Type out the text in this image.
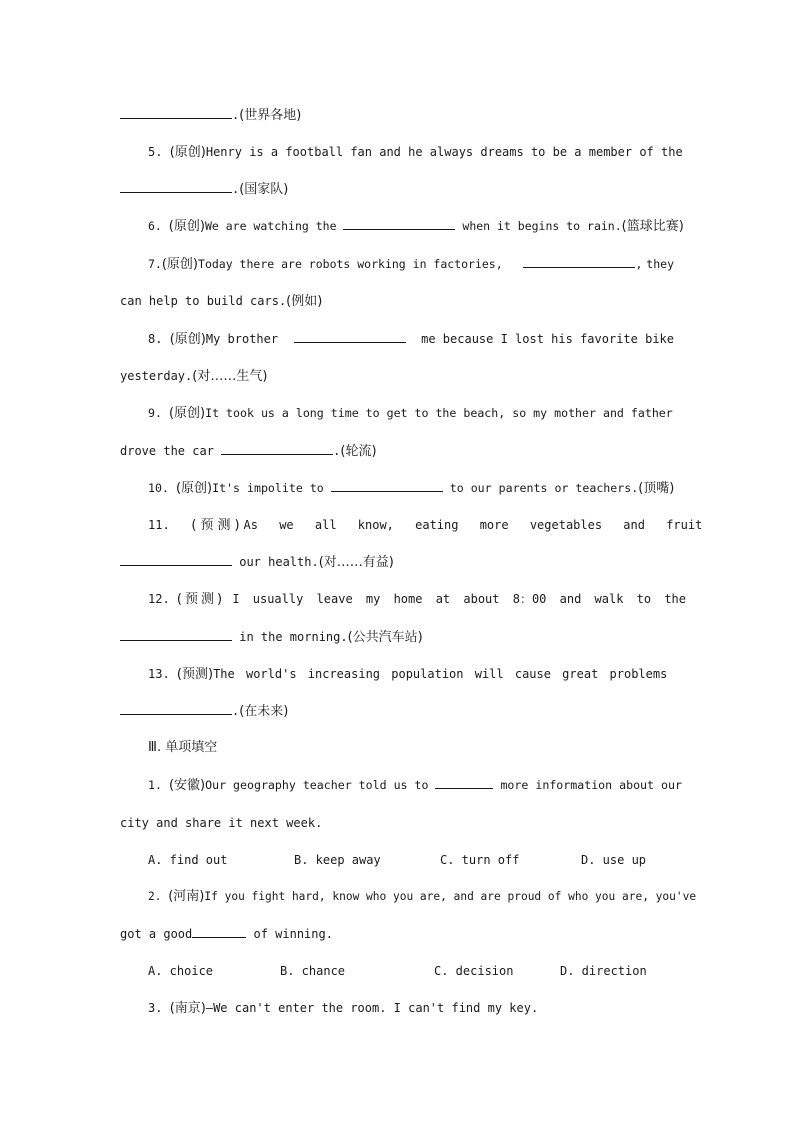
.(世界各地)
5. (原创)Henry is a football fan and he always dreams to be a member of the
.(国家队)
6. (原创)We are watching the	when it begins to rain.(篮球比赛)
7.(原创)Today there are robots working in factories,	, they
can help to build cars.(例如)
8. (原创)My brother	me because I lost his favorite bike
yesterday.(对……生气)
9. (原创)It took us a long time to get to the beach, so my mother and father
drove the car	.(轮流)
10. (原创)It's impolite to	to our parents or teachers.(顶嘴)
11. (预测)As we all know, eating more vegetables and fruit
our health.(对……有益)
12. (预测) I usually leave my home at about 8：00 and walk to the
in the morning.(公共汽车站)
13. (预测)The world's increasing population will cause great problems
.(在未来)
Ⅲ. 单项填空
1. (安徽)Our geography teacher told us to	more information about our
city and share it next week.
A. find out	B. keep away	C. turn off	D. use up
2. (河南)If you fight hard, know who you are, and are proud of who you are, you've
got a good	of winning.
A. choice	B. chance	C. decision	D. direction
3. (南京)—We can't enter the room. I can't find my key.
